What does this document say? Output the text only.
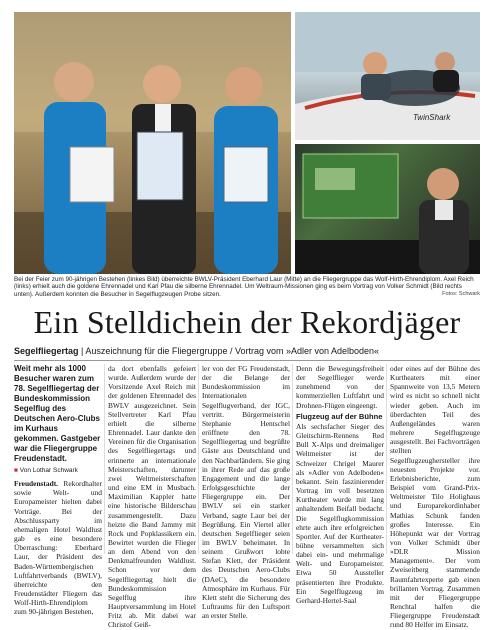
TwinShark
Bei der Feier zum 90-jährigen Bestehen (linkes Bild) überreichte BWLV-Präsident Eberhard Laur (Mitte) an die Fliegergruppe das Wolf-Hirth-Ehrendiplom. Axel Reich (links) erhielt auch die goldene Ehrennadel und Karl Pfau die silberne Ehrennadel. Um Weltraum-Missionen ging es beim Vortrag von Volker Schmidt (Bild rechts unten). Außerdem konnten die Besucher in Segelflugzeugen Probe sitzen.	Fotos: Schwark
Ein Stelldichein der Rekordjäger
Segelfliegertag | Auszeichnung für die Fliegergruppe / Vortrag vom »Adler von Adelboden«
Weit mehr als 1000 Besucher waren zum 78. Segelfliegertag der Bundeskommission Segelflug des Deutschen Aero-Clubs im Kurhaus gekommen. Gastgeber war die Fliegergruppe Freudenstadt.
■ Von Lothar Schwark
Freudenstadt. Rekordhalter sowie Welt- und Europameister hielten dabei Vorträge. Bei der Abschlussparty im ehemaligen Hotel Waldlust gab es eine besondere Überraschung: Eberhard Laur, der Präsident des Baden-Württembergischen Luftfahrtverbands (BWLV), überreichte den Freudenstädter Fliegern das Wolf-Hirth-Ehrendiplom zum 90-jährigen Bestehen,
da dort ebenfalls gefeiert wurde. Außerdem wurde der Vorsitzende Axel Reich mit der goldenen Ehrennadel des BWLV ausgezeichnet. Sein Stellvertreter Karl Pfau erhielt die silberne Ehrennadel. Laur dankte den Vereinen für die Organisation des Segelfliegertags und erinnerte an internationale Meisterschaften, darunter zwei Weltmeisterschaften und eine EM in Musbach. Maximilian Kappler hatte eine historische Bilderschau zusammengestellt. Dazu heizte die Band Jammy mit Rock und Popklassikern ein. Bewirtet wurden die Flieger an dem Abend von den Denkmalfreunden Waldlust. Schon vor dem Segelfliegertag hielt die Bundeskommission Segelflug ihre Hauptversammlung im Hotel Fritz ab. Mit dabei war Christof Geiß-
ler von der FG Freudenstadt, der die Belange der Bundeskommission im Internationalen Segelflugverband, der IGC, vertritt. Bürgermeisterin Stephanie Hentschel eröffnete den 78. Segelfliegertag und begrüßte Gäste aus Deutschland und den Nachbarländern. Sie ging in ihrer Rede auf das große Engagement und die lange Erfolgsgeschichte der Fliegergruppe ein. Der BWLV sei ein starker Verband, sagte Laur bei der Begrüßung. Ein Viertel aller deutschen Segelflieger seien im BWLV beheimatet. In seinem Grußwort lobte Stefan Klett, der Präsident des Deutschen Aero-Clubs (DAeC), die besondere Atmosphäre im Kurhaus. Für Klett steht die Sicherung des Luftraums für den Luftsport an erster Stelle.
Denn die Bewegungsfreiheit der Segelflieger werde zunehmend von der kommerziellen Luftfahrt und Drohnen-Flügen eingeengt.
Flugzeug auf der Bühne
Als sechsfacher Sieger des Gleitschirm-Rennens Red Bull X-Alps und dreimaliger Weltmeister ist der Schweizer Chrigel Maurer als »Adler von Adelboden« bekannt. Sein faszinierender Vortrag im voll besetzten Kurtheater wurde mit lang anhaltendem Beifall bedacht. Die Segelflugkommission ehrte auch ihre erfolgreichen Sportler. Auf der Kurtheater-bühne versammelten sich dabei ein- und mehrmalige Welt- und Europameister. Etwa 50 Aussteller präsentierten ihre Produkte. Ein Segelflugzeug im Gerhard-Hertel-Saal
oder eines auf der Bühne des Kurtheaters mit einer Spannweite von 13,5 Metern wird es nicht so schnell nicht wieder geben. Auch im überdachten Teil des Außengeländes waren mehrere Segelflugzeuge ausgestellt. Bei Fachvorträgen stellten Segelflugzeughersteller ihre neuesten Projekte vor. Erlebnisberichte, zum Beispiel vom Grand-Prix-Weltmeister Tilo Holighaus und Europarekordinhaber Mathias Schunk fanden großes Interesse. Ein Höhepunkt war der Vortrag von Volker Schmidt über »DLR Mission Management«. Der vom Zweiseitberg stammende Raumfahrtexperte gab einen brillanten Vortrag. Zusammen mit der Fliegergruppe Renchtal halfen die Fliegergruppe Freudenstadt rund 80 Helfer im Einsatz.
